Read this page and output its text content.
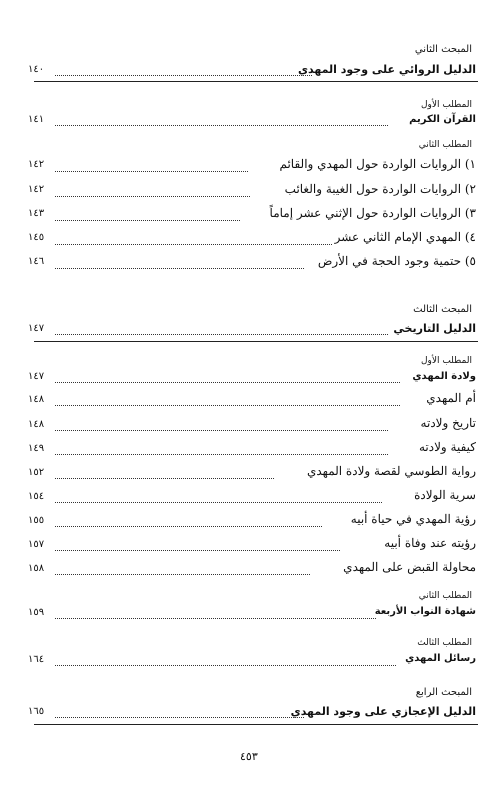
المبحث الثاني
الدليل الروائي على وجود المهدي
١٤٠
المطلب الأول
القرآن الكريم
١٤١
المطلب الثاني
١) الروايات الواردة حول المهدي والقائم
١٤٢
٢) الروايات الواردة حول الغيبة والغائب
١٤٢
٣) الروايات الواردة حول الإثني عشر إماماً
١٤٣
٤) المهدي الإمام الثاني عشر
١٤٥
٥) حتمية وجود الحجة في الأرض
١٤٦
المبحث الثالث
الدليل التاريخي
١٤٧
المطلب الأول
ولادة المهدي
١٤٧
أم المهدي
١٤٨
تاريخ ولادته
١٤٨
كيفية ولادته
١٤٩
رواية الطوسي لقصة ولادة المهدي
١٥٢
سرية الولادة
١٥٤
رؤية المهدي في حياة أبيه
١٥٥
رؤيته عند وفاة أبيه
١٥٧
محاولة القبض على المهدي
١٥٨
المطلب الثاني
شهادة النواب الأربعة
١٥٩
المطلب الثالث
رسائل المهدي
١٦٤
المبحث الرابع
الدليل الإعجازي على وجود المهدي
١٦٥
٤٥٣
